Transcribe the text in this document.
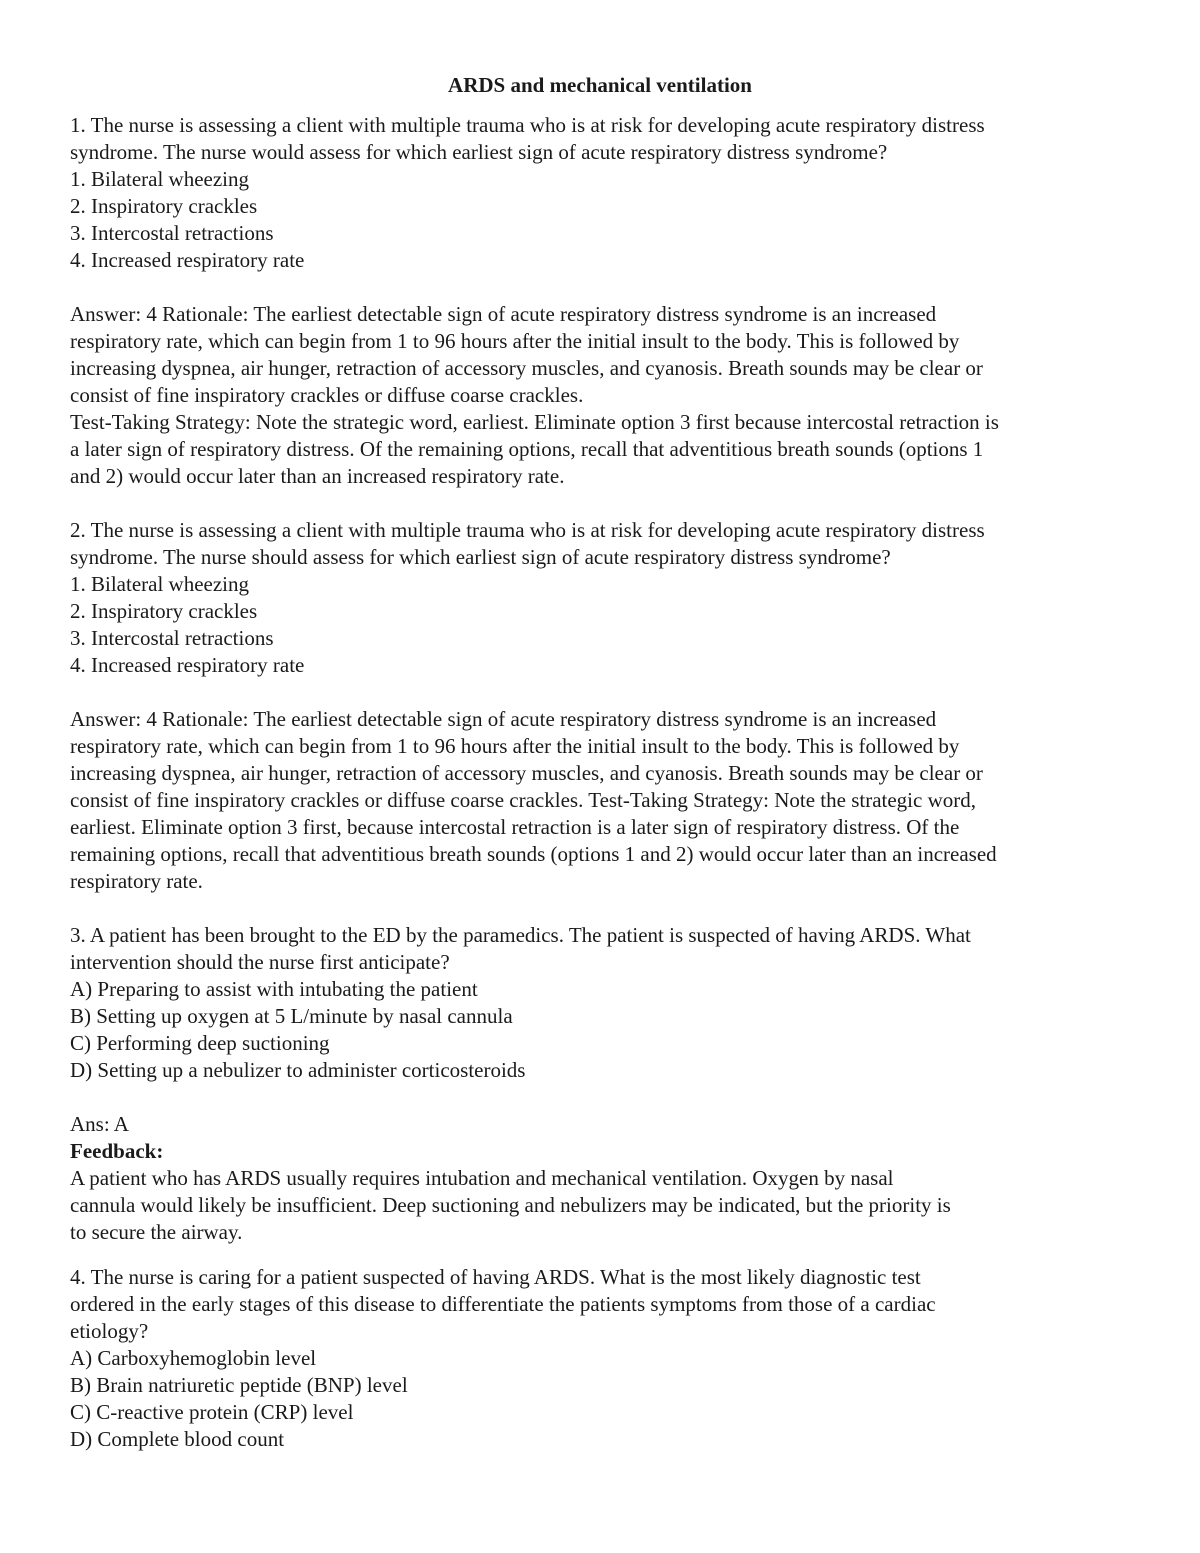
ARDS and mechanical ventilation
1. The nurse is assessing a client with multiple trauma who is at risk for developing acute respiratory distress
syndrome. The nurse would assess for which earliest sign of acute respiratory distress syndrome?
1. Bilateral wheezing
2. Inspiratory crackles
3. Intercostal retractions
4. Increased respiratory rate
Answer: 4 Rationale: The earliest detectable sign of acute respiratory distress syndrome is an increased
respiratory rate, which can begin from 1 to 96 hours after the initial insult to the body. This is followed by
increasing dyspnea, air hunger, retraction of accessory muscles, and cyanosis. Breath sounds may be clear or
consist of fine inspiratory crackles or diffuse coarse crackles.
Test-Taking Strategy: Note the strategic word, earliest. Eliminate option 3 first because intercostal retraction is
a later sign of respiratory distress. Of the remaining options, recall that adventitious breath sounds (options 1
and 2) would occur later than an increased respiratory rate.
2. The nurse is assessing a client with multiple trauma who is at risk for developing acute respiratory distress
syndrome. The nurse should assess for which earliest sign of acute respiratory distress syndrome?
1. Bilateral wheezing
2. Inspiratory crackles
3. Intercostal retractions
4. Increased respiratory rate
Answer: 4 Rationale: The earliest detectable sign of acute respiratory distress syndrome is an increased
respiratory rate, which can begin from 1 to 96 hours after the initial insult to the body. This is followed by
increasing dyspnea, air hunger, retraction of accessory muscles, and cyanosis. Breath sounds may be clear or
consist of fine inspiratory crackles or diffuse coarse crackles. Test-Taking Strategy: Note the strategic word,
earliest. Eliminate option 3 first, because intercostal retraction is a later sign of respiratory distress. Of the
remaining options, recall that adventitious breath sounds (options 1 and 2) would occur later than an increased
respiratory rate.
3. A patient has been brought to the ED by the paramedics. The patient is suspected of having ARDS. What
intervention should the nurse first anticipate?
A) Preparing to assist with intubating the patient
B) Setting up oxygen at 5 L/minute by nasal cannula
C) Performing deep suctioning
D) Setting up a nebulizer to administer corticosteroids
Ans: A
Feedback:
A patient who has ARDS usually requires intubation and mechanical ventilation. Oxygen by nasal
cannula would likely be insufficient. Deep suctioning and nebulizers may be indicated, but the priority is
to secure the airway.
4. The nurse is caring for a patient suspected of having ARDS. What is the most likely diagnostic test
ordered in the early stages of this disease to differentiate the patients symptoms from those of a cardiac
etiology?
A) Carboxyhemoglobin level
B) Brain natriuretic peptide (BNP) level
C) C-reactive protein (CRP) level
D) Complete blood count
